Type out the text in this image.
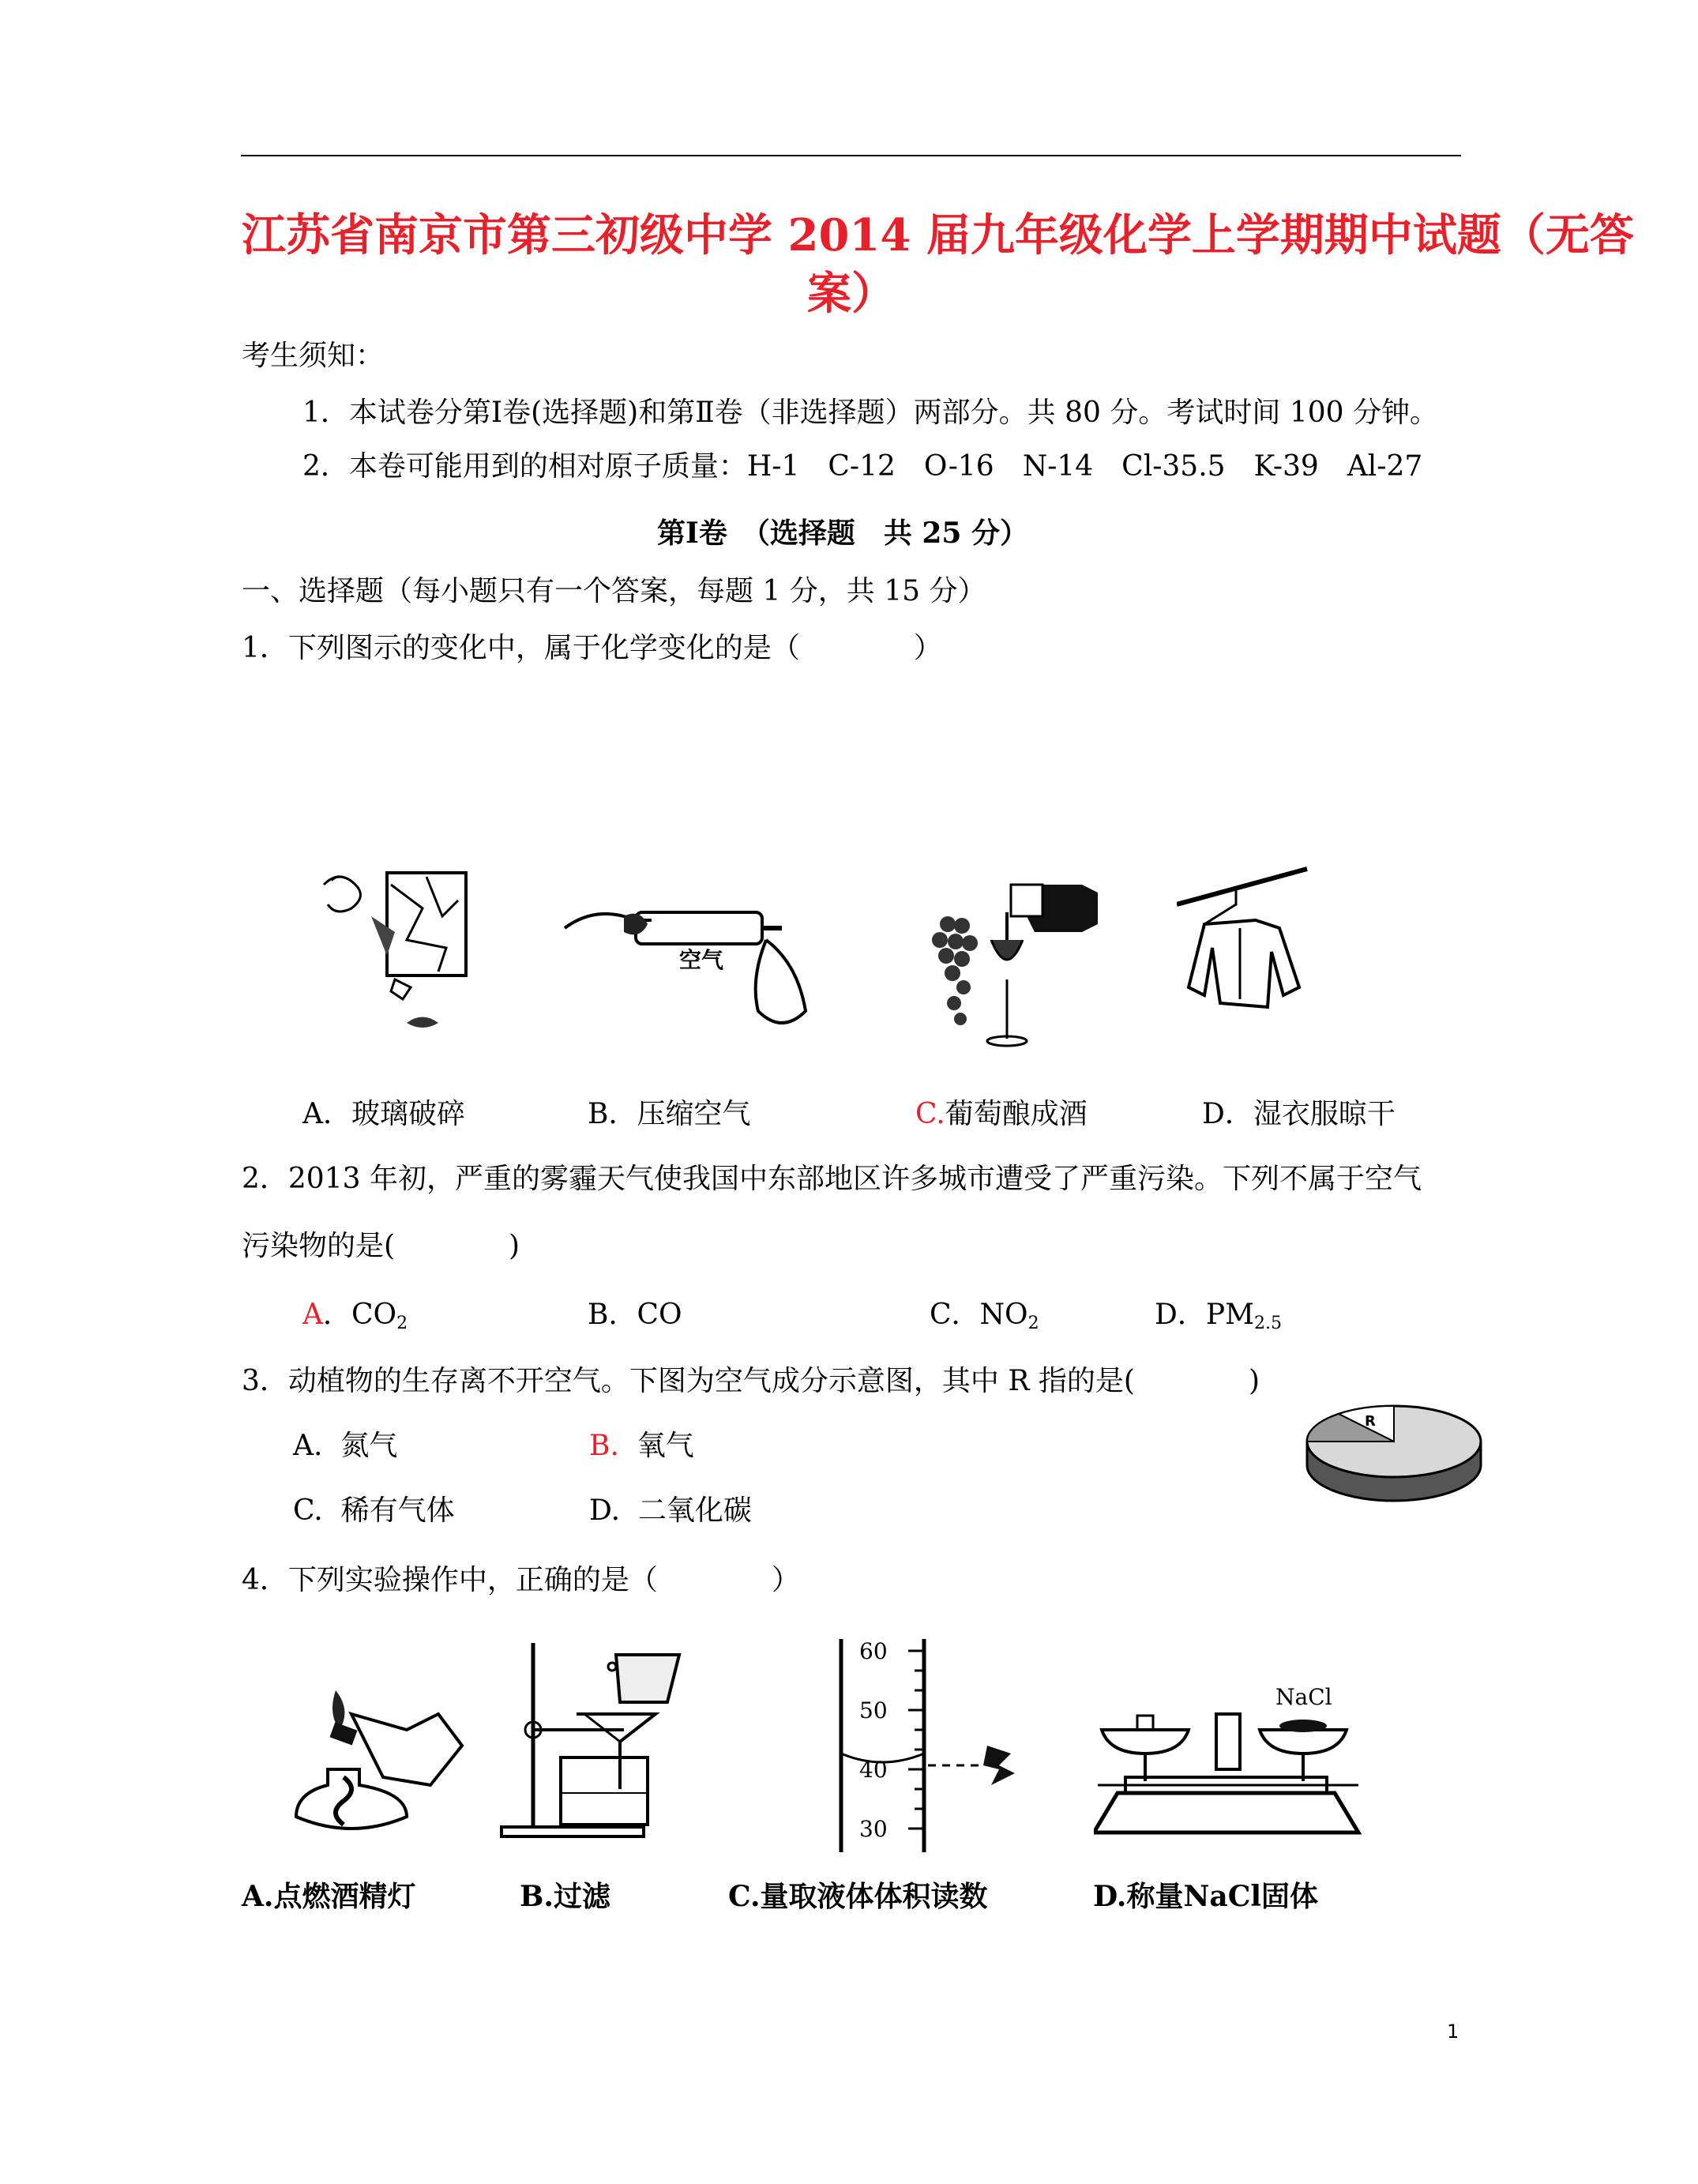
江苏省南京市第三初级中学 2014 届九年级化学上学期期中试题（无答
案）
考生须知：
1．本试卷分第Ⅰ卷(选择题)和第Ⅱ卷（非选择题）两部分。共 80 分。考试时间 100 分钟。
2．本卷可能用到的相对原子质量：H-1　C-12　O-16　N-14　Cl-35.5　K-39　Al-27
第Ⅰ卷　（选择题　共 25 分）
一、选择题（每小题只有一个答案，每题 1 分，共 15 分）
1．下列图示的变化中，属于化学变化的是（　　　　）
空气
A．玻璃破碎	B．压缩空气	C.葡萄酿成酒	D．湿衣服晾干
2．2013 年初，严重的雾霾天气使我国中东部地区许多城市遭受了严重污染。下列不属于空气
污染物的是(　　　　)
A．$CO_2$	B．CO	C．$NO_2$	D．$PM_{2.5}$
3．动植物的生存离不开空气。下图为空气成分示意图，其中 R 指的是(　　　　)
A. 氮气	B. 氧气
C. 稀有气体	D. 二氧化碳
R
4．下列实验操作中，正确的是（　　　　）
60
50
40
30
NaCl
A.点燃酒精灯	B.过滤	C.量取液体体积读数	D.称量NaCl固体
1
